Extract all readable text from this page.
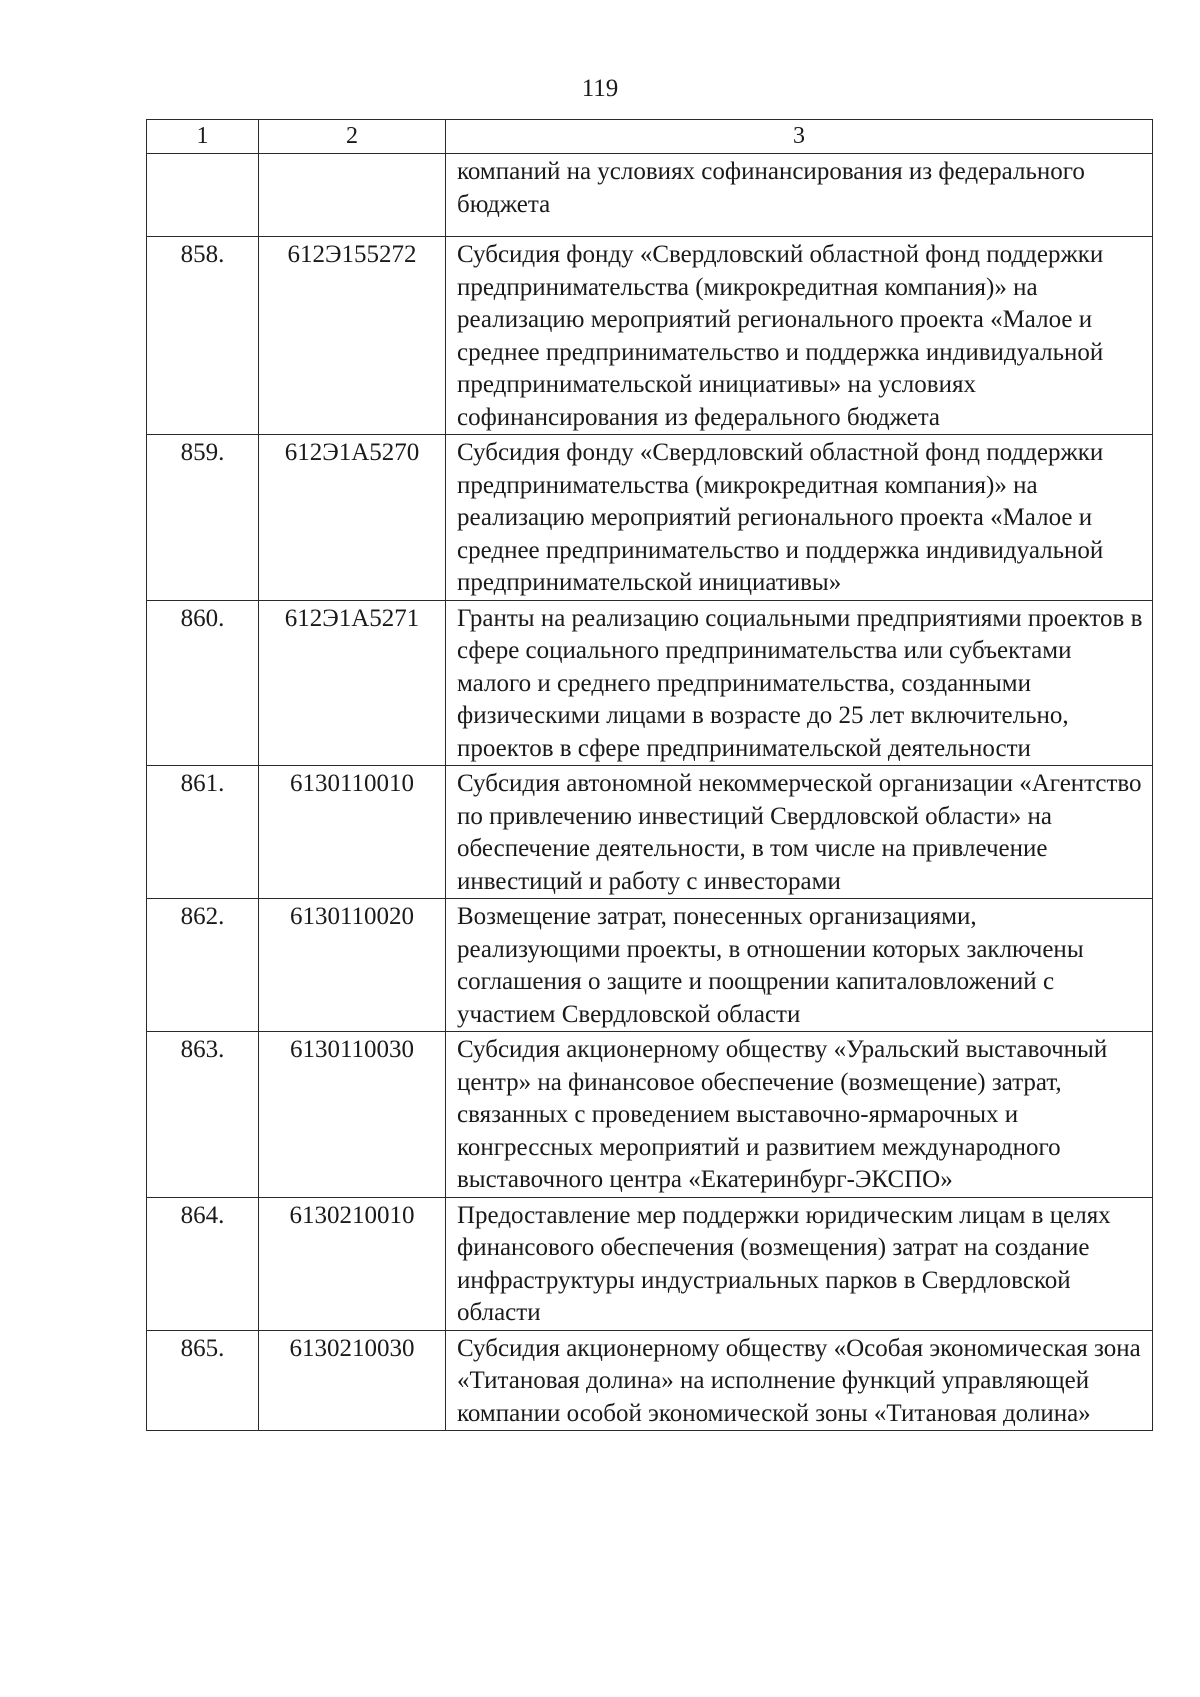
119
1	2	3
		компаний на условиях софинансирования из федерального бюджета
858.	612Э155272	Субсидия фонду «Свердловский областной фонд поддержки предпринимательства (микрокредитная компания)» на реализацию мероприятий регионального проекта «Малое и среднее предпринимательство и поддержка индивидуальной предпринимательской инициативы» на условиях софинансирования из федерального бюджета
859.	612Э1А5270	Субсидия фонду «Свердловский областной фонд поддержки предпринимательства (микрокредитная компания)» на реализацию мероприятий регионального проекта «Малое и среднее предпринимательство и поддержка индивидуальной предпринимательской инициативы»
860.	612Э1А5271	Гранты на реализацию социальными предприятиями проектов в сфере социального предпринимательства или субъектами малого и среднего предпринимательства, созданными физическими лицами в возрасте до 25 лет включительно, проектов в сфере предпринимательской деятельности
861.	6130110010	Субсидия автономной некоммерческой организации «Агентство по привлечению инвестиций Свердловской области» на обеспечение деятельности, в том числе на привлечение инвестиций и работу с инвесторами
862.	6130110020	Возмещение затрат, понесенных организациями, реализующими проекты, в отношении которых заключены соглашения о защите и поощрении капиталовложений с участием Свердловской области
863.	6130110030	Субсидия акционерному обществу «Уральский выставочный центр» на финансовое обеспечение (возмещение) затрат, связанных с проведением выставочно-ярмарочных и конгрессных мероприятий и развитием международного выставочного центра «Екатеринбург-ЭКСПО»
864.	6130210010	Предоставление мер поддержки юридическим лицам в целях финансового обеспечения (возмещения) затрат на создание инфраструктуры индустриальных парков в Свердловской области
865.	6130210030	Субсидия акционерному обществу «Особая экономическая зона «Титановая долина» на исполнение функций управляющей компании особой экономической зоны «Титановая долина»
